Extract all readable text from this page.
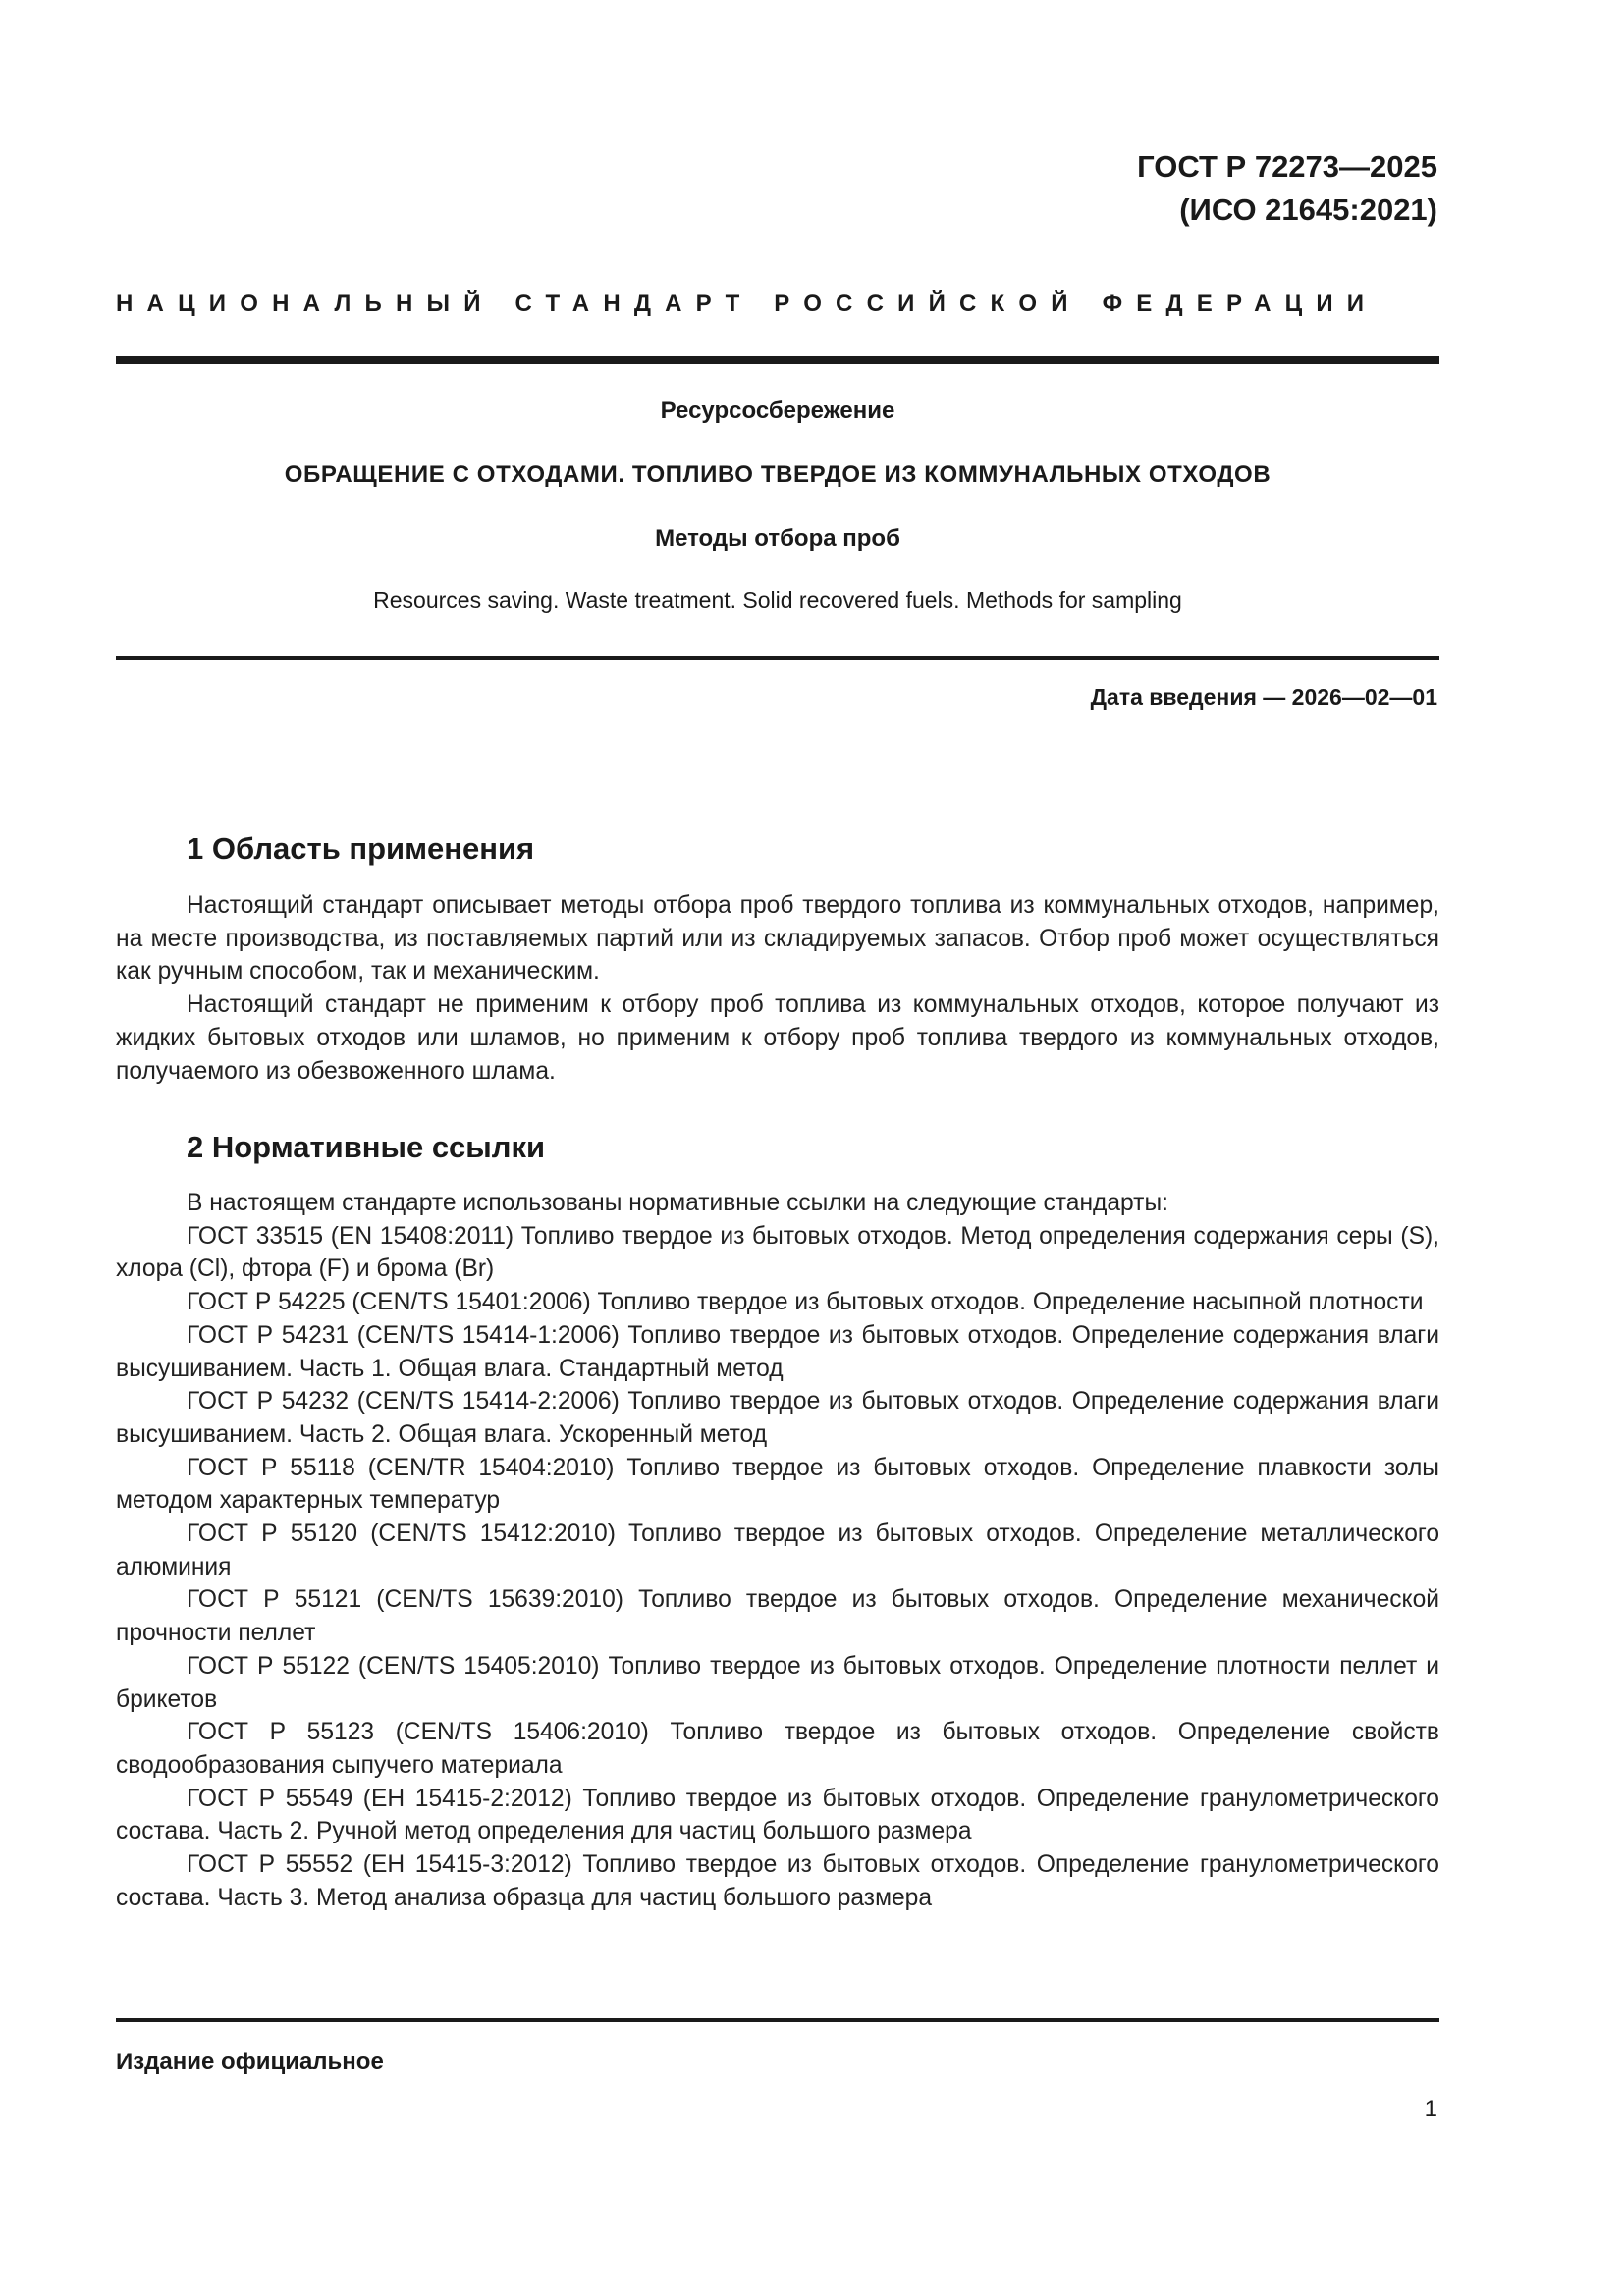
ГОСТ Р 72273—2025
(ИСО 21645:2021)
НАЦИОНАЛЬНЫЙ СТАНДАРТ РОССИЙСКОЙ ФЕДЕРАЦИИ
Ресурсосбережение
ОБРАЩЕНИЕ С ОТХОДАМИ. ТОПЛИВО ТВЕРДОЕ ИЗ КОММУНАЛЬНЫХ ОТХОДОВ
Методы отбора проб
Resources saving. Waste treatment. Solid recovered fuels. Methods for sampling
Дата введения — 2026—02—01
1 Область применения

Настоящий стандарт описывает методы отбора проб твердого топлива из коммунальных отходов, например, на месте производства, из поставляемых партий или из складируемых запасов. Отбор проб может осуществляться как ручным способом, так и механическим.

Настоящий стандарт не применим к отбору проб топлива из коммунальных отходов, которое получают из жидких бытовых отходов или шламов, но применим к отбору проб топлива твердого из коммунальных отходов, получаемого из обезвоженного шлама.

2 Нормативные ссылки

В настоящем стандарте использованы нормативные ссылки на следующие стандарты:

ГОСТ 33515 (EN 15408:2011) Топливо твердое из бытовых отходов. Метод определения содержания серы (S), хлора (Cl), фтора (F) и брома (Br)

ГОСТ Р 54225 (CEN/TS 15401:2006) Топливо твердое из бытовых отходов. Определение насыпной плотности

ГОСТ Р 54231 (CEN/TS 15414-1:2006) Топливо твердое из бытовых отходов. Определение содержания влаги высушиванием. Часть 1. Общая влага. Стандартный метод

ГОСТ Р 54232 (CEN/TS 15414-2:2006) Топливо твердое из бытовых отходов. Определение содержания влаги высушиванием. Часть 2. Общая влага. Ускоренный метод

ГОСТ Р 55118 (CEN/TR 15404:2010) Топливо твердое из бытовых отходов. Определение плавкости золы методом характерных температур

ГОСТ Р 55120 (CEN/TS 15412:2010) Топливо твердое из бытовых отходов. Определение металлического алюминия

ГОСТ Р 55121 (CEN/TS 15639:2010) Топливо твердое из бытовых отходов. Определение механической прочности пеллет

ГОСТ Р 55122 (CEN/TS 15405:2010) Топливо твердое из бытовых отходов. Определение плотности пеллет и брикетов

ГОСТ Р 55123 (CEN/TS 15406:2010) Топливо твердое из бытовых отходов. Определение свойств сводообразования сыпучего материала

ГОСТ Р 55549 (ЕН 15415-2:2012) Топливо твердое из бытовых отходов. Определение гранулометрического состава. Часть 2. Ручной метод определения для частиц большого размера

ГОСТ Р 55552 (ЕН 15415-3:2012) Топливо твердое из бытовых отходов. Определение гранулометрического состава. Часть 3. Метод анализа образца для частиц большого размера

Издание официальное
1
